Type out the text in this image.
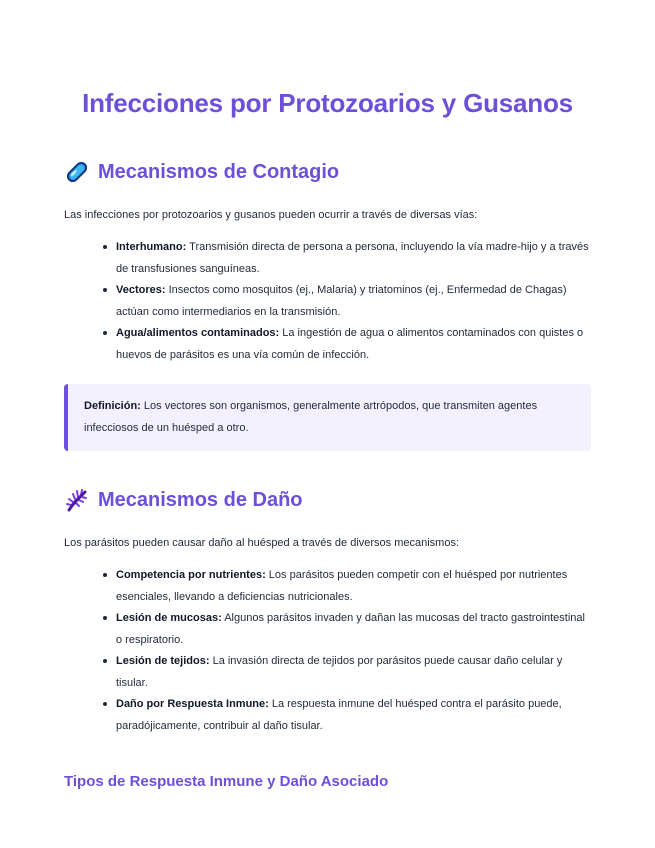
Infecciones por Protozoarios y Gusanos
Mecanismos de Contagio

Las infecciones por protozoarios y gusanos pueden ocurrir a través de diversas vías:

Interhumano: Transmisión directa de persona a persona, incluyendo la vía madre-hijo y a través de transfusiones sanguíneas.
Vectores: Insectos como mosquitos (ej., Malaria) y triatominos (ej., Enfermedad de Chagas) actúan como intermediarios en la transmisión.
Agua/alimentos contaminados: La ingestión de agua o alimentos contaminados con quistes o huevos de parásitos es una vía común de infección.
Definición: Los vectores son organismos, generalmente artrópodos, que transmiten agentes infecciosos de un huésped a otro.
Mecanismos de Daño

Los parásitos pueden causar daño al huésped a través de diversos mecanismos:

Competencia por nutrientes: Los parásitos pueden competir con el huésped por nutrientes esenciales, llevando a deficiencias nutricionales.
Lesión de mucosas: Algunos parásitos invaden y dañan las mucosas del tracto gastrointestinal o respiratorio.
Lesión de tejidos: La invasión directa de tejidos por parásitos puede causar daño celular y tisular.
Daño por Respuesta Inmune: La respuesta inmune del huésped contra el parásito puede, paradójicamente, contribuir al daño tisular.
Tipos de Respuesta Inmune y Daño Asociado
